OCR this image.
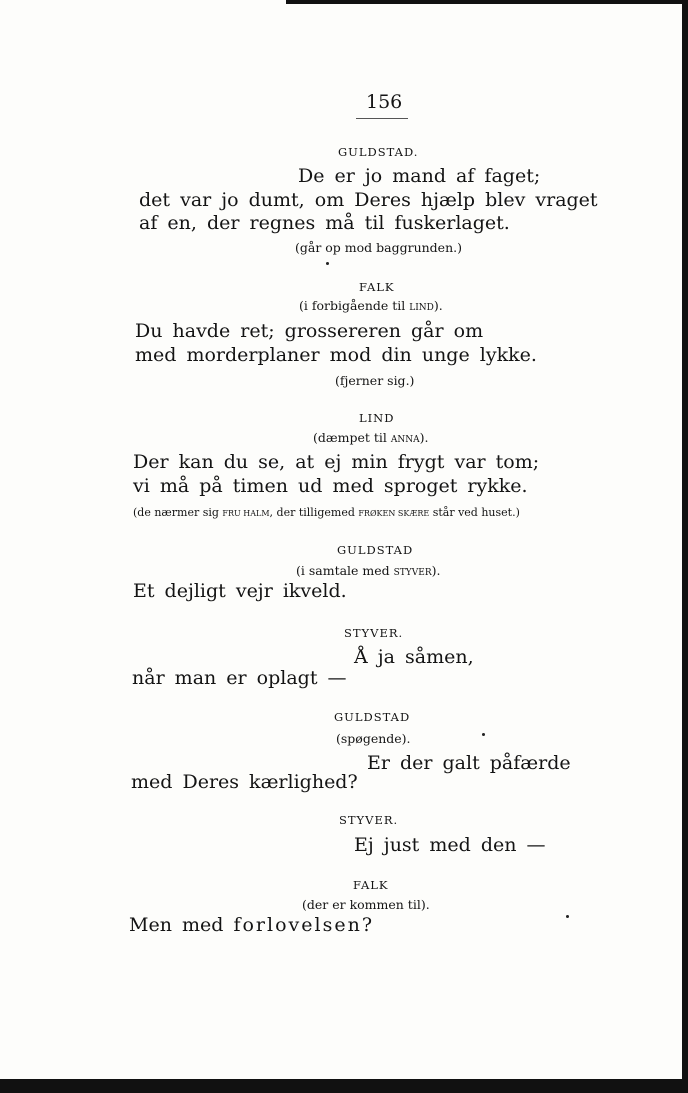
156
GULDSTAD.
De er jo mand af faget;
det var jo dumt, om Deres hjælp blev vraget
af en, der regnes må til fuskerlaget.
(går op mod baggrunden.)
FALK
(i forbigående til LIND).
Du havde ret; grossereren går om
med morderplaner mod din unge lykke.
(fjerner sig.)
LIND
(dæmpet til ANNA).
Der kan du se, at ej min frygt var tom;
vi må på timen ud med sproget rykke.
(de nærmer sig FRU HALM, der tilligemed FRØKEN SKÆRE står ved huset.)
GULDSTAD
(i samtale med STYVER).
Et dejligt vejr ikveld.
STYVER.
Å ja såmen,
når man er oplagt —
GULDSTAD
(spøgende).
Er der galt påfærde
med Deres kærlighed?
STYVER.
Ej just med den —
FALK
(der er kommen til).
Men med forlovelsen?
